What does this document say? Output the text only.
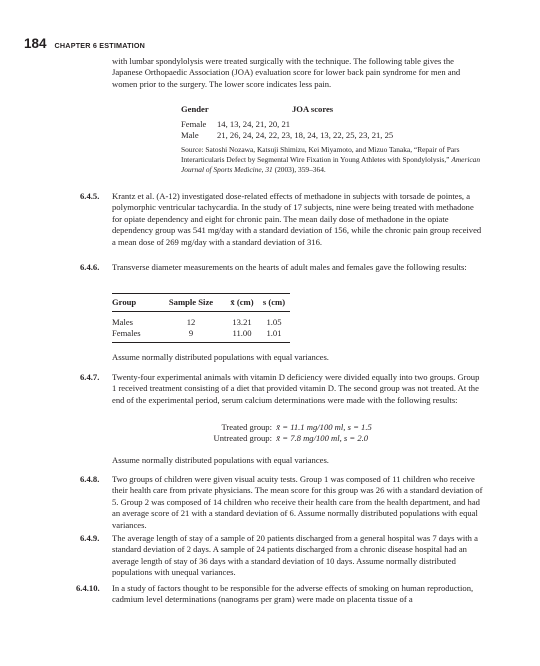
184 CHAPTER 6 ESTIMATION
with lumbar spondylolysis were treated surgically with the technique. The following table gives the Japanese Orthopaedic Association (JOA) evaluation score for lower back pain syndrome for men and women prior to the surgery. The lower score indicates less pain.
Gender	JOA scores
Female 14, 13, 24, 21, 20, 21
Male 21, 26, 24, 24, 22, 23, 18, 24, 13, 22, 25, 23, 21, 25
Source: Satoshi Nozawa, Katsuji Shimizu, Kei Miyamoto, and Mizuo Tanaka, “Repair of Pars Interarticularis Defect by Segmental Wire Fixation in Young Athletes with Spondylolysis,” American Journal of Sports Medicine, 31 (2003), 359–364.
6.4.5. Krantz et al. (A-12) investigated dose-related effects of methadone in subjects with torsade de pointes, a polymorphic ventricular tachycardia. In the study of 17 subjects, nine were being treated with methadone for opiate dependency and eight for chronic pain. The mean daily dose of methadone in the opiate dependency group was 541 mg/day with a standard deviation of 156, while the chronic pain group received a mean dose of 269 mg/day with a standard deviation of 316.
6.4.6. Transverse diameter measurements on the hearts of adult males and females gave the following results:
Group	Sample Size	x̄ (cm)	s (cm)
Males	12	13.21	1.05
Females	9	11.00	1.01
Assume normally distributed populations with equal variances.
6.4.7. Twenty-four experimental animals with vitamin D deficiency were divided equally into two groups. Group 1 received treatment consisting of a diet that provided vitamin D. The second group was not treated. At the end of the experimental period, serum calcium determinations were made with the following results:
Treated group: x̄ = 11.1 mg/100 ml, s = 1.5
Untreated group: x̄ = 7.8 mg/100 ml, s = 2.0
Assume normally distributed populations with equal variances.
6.4.8. Two groups of children were given visual acuity tests. Group 1 was composed of 11 children who receive their health care from private physicians. The mean score for this group was 26 with a standard deviation of 5. Group 2 was composed of 14 children who receive their health care from the health department, and had an average score of 21 with a standard deviation of 6. Assume normally distributed populations with equal variances.
6.4.9. The average length of stay of a sample of 20 patients discharged from a general hospital was 7 days with a standard deviation of 2 days. A sample of 24 patients discharged from a chronic disease hospital had an average length of stay of 36 days with a standard deviation of 10 days. Assume normally distributed populations with unequal variances.
6.4.10. In a study of factors thought to be responsible for the adverse effects of smoking on human reproduction, cadmium level determinations (nanograms per gram) were made on placenta tissue of a
